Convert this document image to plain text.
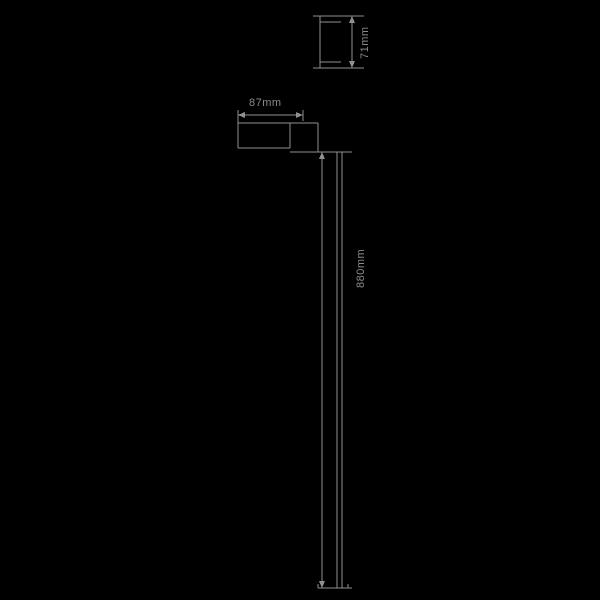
71mm
87mm
880mm
